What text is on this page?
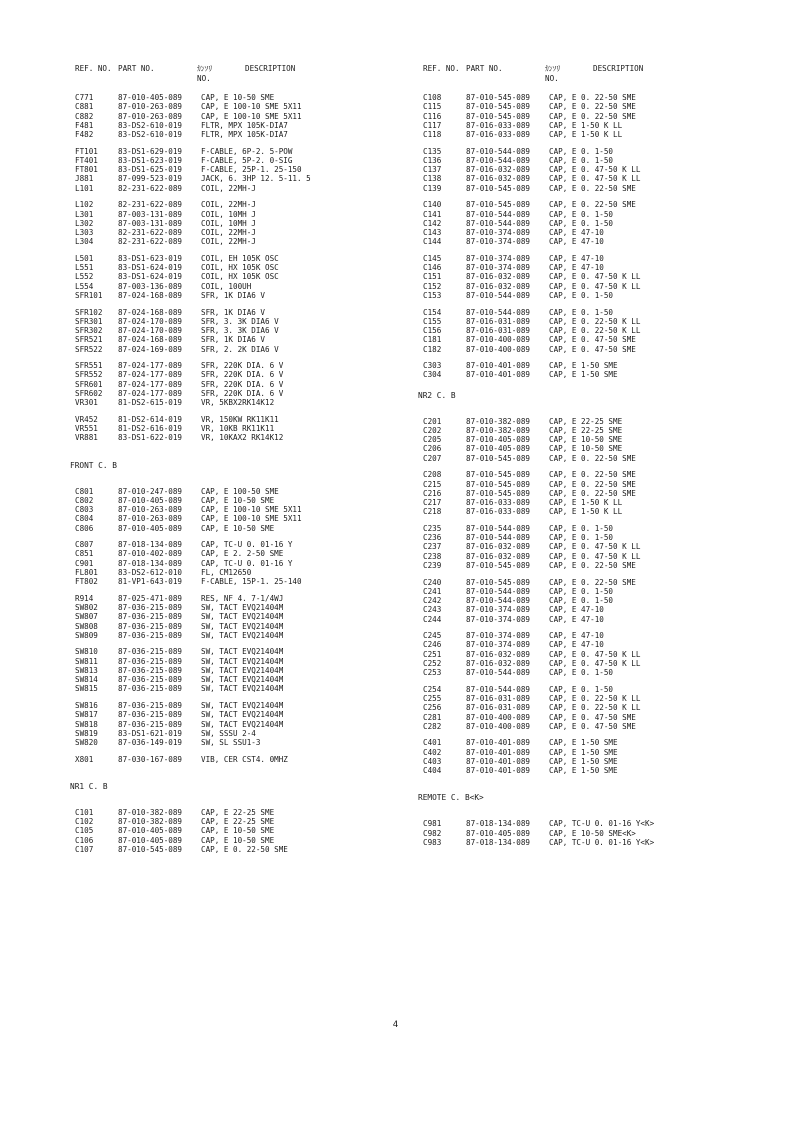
REF. NO. PART NO.	ｶﾝｿﾘ
NO.
DESCRIPTION
C771	87-010-405-089 CAP, E 10-50 SME
C881	87-010-263-089 CAP, E 100-10 SME 5X11
C882	87-010-263-089 CAP, E 100-10 SME 5X11
F481	83-DS2-610-019 FLTR, MPX 105K-DIA7
F482	83-DS2-610-019 FLTR, MPX 105K-DIA7
FT101	83-DS1-629-019 F-CABLE, 6P-2. 5-POW
FT401	83-DS1-623-019 F-CABLE, 5P-2. 0-SIG
FT801	83-DS1-625-019 F-CABLE, 25P-1. 25-150
J881	87-099-523-019 JACK, 6. 3HP 12. 5-11. 5
L101	82-231-622-089 COIL, 22MH-J
L102	82-231-622-089 COIL, 22MH-J
L301	87-003-131-089 COIL, 10MH J
L302	87-003-131-089 COIL, 10MH J
L303	82-231-622-089 COIL, 22MH-J
L304	82-231-622-089 COIL, 22MH-J
L501	83-DS1-623-019 COIL, EH 105K OSC
L551	83-DS1-624-019 COIL, HX 105K OSC
L552	83-DS1-624-019 COIL, HX 105K OSC
L554	87-003-136-089 COIL, 100UH
SFR101 87-024-168-089 SFR, 1K DIA6 V
SFR102 87-024-168-089 SFR, 1K DIA6 V
SFR301 87-024-170-089 SFR, 3. 3K DIA6 V
SFR302 87-024-170-089 SFR, 3. 3K DIA6 V
SFR521 87-024-168-089 SFR, 1K DIA6 V
SFR522 87-024-169-089 SFR, 2. 2K DIA6 V
SFR551 87-024-177-089 SFR, 220K DIA. 6 V
SFR552 87-024-177-089 SFR, 220K DIA. 6 V
SFR601 87-024-177-089 SFR, 220K DIA. 6 V
SFR602 87-024-177-089 SFR, 220K DIA. 6 V
VR301	81-DS2-615-019 VR, 5KBX2RK14K12
VR452	81-DS2-614-019 VR, 150KW RK11K11
VR551	81-DS2-616-019 VR, 10KB RK11K11
VR881	83-DS1-622-019 VR, 10KAX2 RK14K12
FRONT C. B
C801	87-010-247-089 CAP, E 100-50 SME
C802	87-010-405-089 CAP, E 10-50 SME
C803	87-010-263-089 CAP, E 100-10 SME 5X11
C804	87-010-263-089 CAP, E 100-10 SME 5X11
C806	87-010-405-089 CAP, E 10-50 SME
C807	87-018-134-089 CAP, TC-U 0. 01-16 Y
C851	87-010-402-089 CAP, E 2. 2-50 SME
C901	87-018-134-089 CAP, TC-U 0. 01-16 Y
FL801	83-DS2-612-010 FL, CM12650
FT802	81-VP1-643-019 F-CABLE, 15P-1. 25-140
R914	87-025-471-089 RES, NF 4. 7-1/4WJ
SW802	87-036-215-089 SW, TACT EVQ21404M
SW807	87-036-215-089 SW, TACT EVQ21404M
SW808	87-036-215-089 SW, TACT EVQ21404M
SW809	87-036-215-089 SW, TACT EVQ21404M
SW810	87-036-215-089 SW, TACT EVQ21404M
SW811	87-036-215-089 SW, TACT EVQ21404M
SW813	87-036-215-089 SW, TACT EVQ21404M
SW814	87-036-215-089 SW, TACT EVQ21404M
SW815	87-036-215-089 SW, TACT EVQ21404M
SW816	87-036-215-089 SW, TACT EVQ21404M
SW817	87-036-215-089 SW, TACT EVQ21404M
SW818	87-036-215-089 SW, TACT EVQ21404M
SW819	83-DS1-621-019 SW, SSSU 2-4
SW820	87-036-149-019 SW, SL SSU1-3
X801	87-030-167-089 VIB, CER CST4. 0MHZ
NR1 C. B
C101	87-010-382-089 CAP, E 22-25 SME
C102	87-010-382-089 CAP, E 22-25 SME
C105	87-010-405-089 CAP, E 10-50 SME
C106	87-010-405-089 CAP, E 10-50 SME
C107	87-010-545-089 CAP, E 0. 22-50 SME
REF. NO. PART NO.	ｶﾝｿﾘ
NO.
DESCRIPTION
C108	87-010-545-089 CAP, E 0. 22-50 SME
C115	87-010-545-089 CAP, E 0. 22-50 SME
C116	87-010-545-089 CAP, E 0. 22-50 SME
C117	87-016-033-089 CAP, E 1-50 K LL
C118	87-016-033-089 CAP, E 1-50 K LL
C135	87-010-544-089 CAP, E 0. 1-50
C136	87-010-544-089 CAP, E 0. 1-50
C137	87-016-032-089 CAP, E 0. 47-50 K LL
C138	87-016-032-089 CAP, E 0. 47-50 K LL
C139	87-010-545-089 CAP, E 0. 22-50 SME
C140	87-010-545-089 CAP, E 0. 22-50 SME
C141	87-010-544-089 CAP, E 0. 1-50
C142	87-010-544-089 CAP, E 0. 1-50
C143	87-010-374-089 CAP, E 47-10
C144	87-010-374-089 CAP, E 47-10
C145	87-010-374-089 CAP, E 47-10
C146	87-010-374-089 CAP, E 47-10
C151	87-016-032-089 CAP, E 0. 47-50 K LL
C152	87-016-032-089 CAP, E 0. 47-50 K LL
C153	87-010-544-089 CAP, E 0. 1-50
C154	87-010-544-089 CAP, E 0. 1-50
C155	87-016-031-089 CAP, E 0. 22-50 K LL
C156	87-016-031-089 CAP, E 0. 22-50 K LL
C181	87-010-400-089 CAP, E 0. 47-50 SME
C182	87-010-400-089 CAP, E 0. 47-50 SME
C303	87-010-401-089 CAP, E 1-50 SME
C304	87-010-401-089 CAP, E 1-50 SME
NR2 C. B
C201	87-010-382-089 CAP, E 22-25 SME
C202	87-010-382-089 CAP, E 22-25 SME
C205	87-010-405-089 CAP, E 10-50 SME
C206	87-010-405-089 CAP, E 10-50 SME
C207	87-010-545-089 CAP, E 0. 22-50 SME
C208	87-010-545-089 CAP, E 0. 22-50 SME
C215	87-010-545-089 CAP, E 0. 22-50 SME
C216	87-010-545-089 CAP, E 0. 22-50 SME
C217	87-016-033-089 CAP, E 1-50 K LL
C218	87-016-033-089 CAP, E 1-50 K LL
C235	87-010-544-089 CAP, E 0. 1-50
C236	87-010-544-089 CAP, E 0. 1-50
C237	87-016-032-089 CAP, E 0. 47-50 K LL
C238	87-016-032-089 CAP, E 0. 47-50 K LL
C239	87-010-545-089 CAP, E 0. 22-50 SME
C240	87-010-545-089 CAP, E 0. 22-50 SME
C241	87-010-544-089 CAP, E 0. 1-50
C242	87-010-544-089 CAP, E 0. 1-50
C243	87-010-374-089 CAP, E 47-10
C244	87-010-374-089 CAP, E 47-10
C245	87-010-374-089 CAP, E 47-10
C246	87-010-374-089 CAP, E 47-10
C251	87-016-032-089 CAP, E 0. 47-50 K LL
C252	87-016-032-089 CAP, E 0. 47-50 K LL
C253	87-010-544-089 CAP, E 0. 1-50
C254	87-010-544-089 CAP, E 0. 1-50
C255	87-016-031-089 CAP, E 0. 22-50 K LL
C256	87-016-031-089 CAP, E 0. 22-50 K LL
C281	87-010-400-089 CAP, E 0. 47-50 SME
C282	87-010-400-089 CAP, E 0. 47-50 SME
C401	87-010-401-089 CAP, E 1-50 SME
C402	87-010-401-089 CAP, E 1-50 SME
C403	87-010-401-089 CAP, E 1-50 SME
C404	87-010-401-089 CAP, E 1-50 SME
REMOTE C. B<K>
C981	87-018-134-089 CAP, TC-U 0. 01-16 Y<K>
C982	87-010-405-089 CAP, E 10-50 SME<K>
C983	87-018-134-089 CAP, TC-U 0. 01-16 Y<K>
4
